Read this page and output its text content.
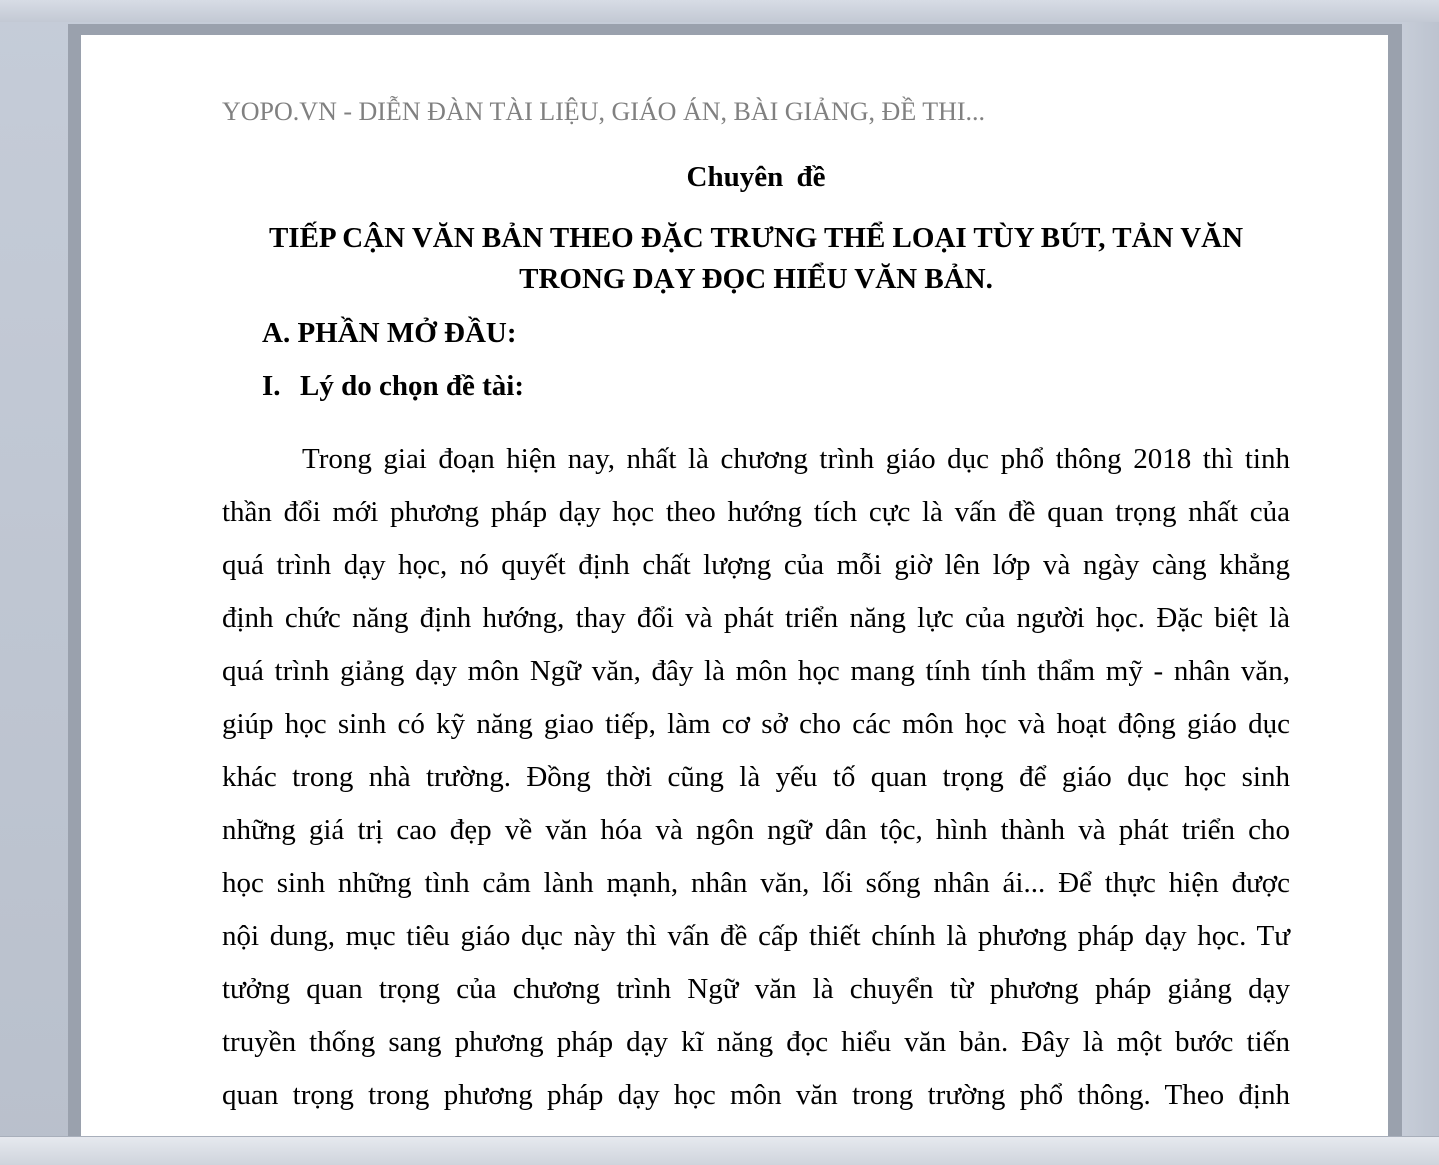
YOPO.VN - DIỄN ĐÀN TÀI LIỆU, GIÁO ÁN, BÀI GIẢNG, ĐỀ THI...
Chuyên đề
TIẾP CẬN VĂN BẢN THEO ĐẶC TRƯNG THỂ LOẠI TÙY BÚT, TẢN VĂN TRONG DẠY ĐỌC HIỂU VĂN BẢN.
A. PHẦN MỞ ĐẦU:
I. Lý do chọn đề tài:
Trong giai đoạn hiện nay, nhất là chương trình giáo dục phổ thông 2018 thì tinh
thần đổi mới phương pháp dạy học theo hướng tích cực là vấn đề quan trọng nhất của
quá trình dạy học, nó quyết định chất lượng của mỗi giờ lên lớp và ngày càng khẳng
định chức năng định hướng, thay đổi và phát triển năng lực của người học. Đặc biệt là
quá trình giảng dạy môn Ngữ văn, đây là môn học mang tính tính thẩm mỹ - nhân văn,
giúp học sinh có kỹ năng giao tiếp, làm cơ sở cho các môn học và hoạt động giáo dục
khác trong nhà trường. Đồng thời cũng là yếu tố quan trọng để giáo dục học sinh
những giá trị cao đẹp về văn hóa và ngôn ngữ dân tộc, hình thành và phát triển cho
học sinh những tình cảm lành mạnh, nhân văn, lối sống nhân ái... Để thực hiện được
nội dung, mục tiêu giáo dục này thì vấn đề cấp thiết chính là phương pháp dạy học. Tư
tưởng quan trọng của chương trình Ngữ văn là chuyển từ phương pháp giảng dạy
truyền thống sang phương pháp dạy kĩ năng đọc hiểu văn bản. Đây là một bước tiến
quan trọng trong phương pháp dạy học môn văn trong trường phổ thông. Theo định
